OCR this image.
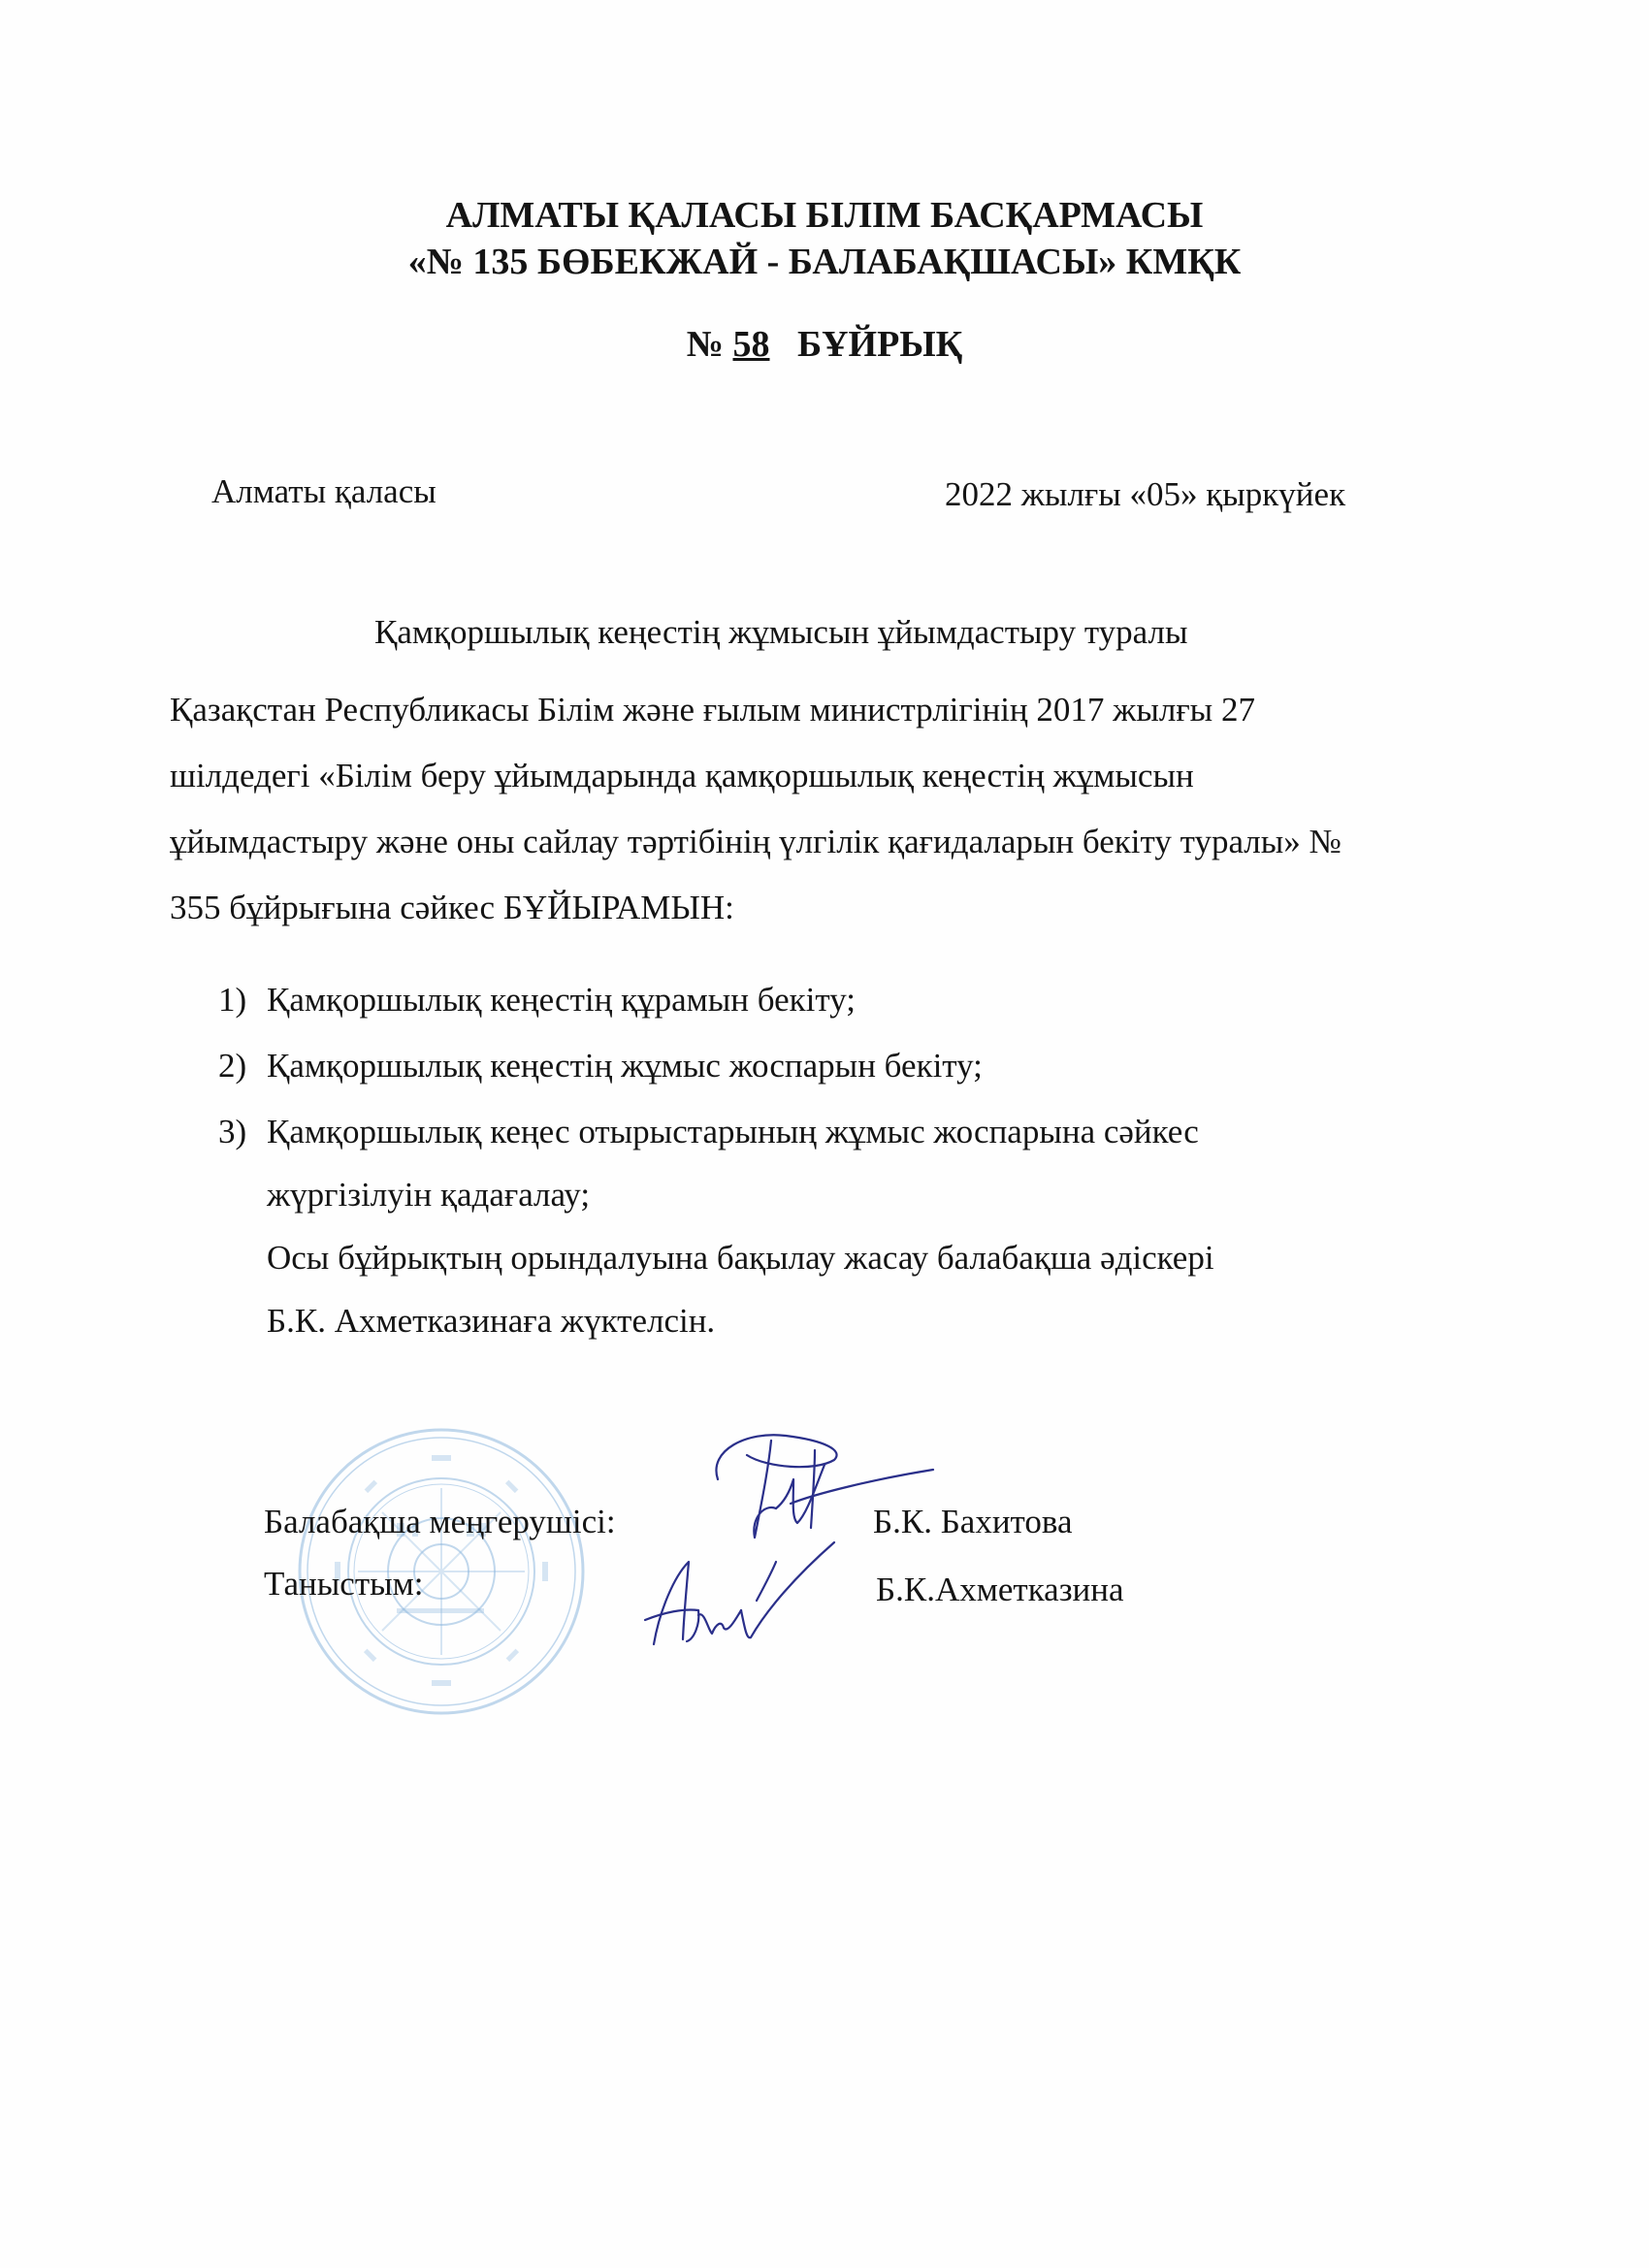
АЛМАТЫ ҚАЛАСЫ БІЛІМ БАСҚАРМАСЫ
«№ 135 БӨБЕКЖАЙ - БАЛАБАҚШАСЫ» КМҚК
№ 58 БҰЙРЫҚ
Алматы қаласы	2022 жылғы «05» қыркүйек
Қамқоршылық кеңестің жұмысын ұйымдастыру туралы
Қазақстан Республикасы Білім және ғылым министрлігінің 2017 жылғы 27
шілдедегі «Білім беру ұйымдарында қамқоршылық кеңестің жұмысын
ұйымдастыру және оны сайлау тәртібінің үлгілік қағидаларын бекіту туралы» №
355 бұйрығына сәйкес БҰЙЫРАМЫН:
1) Қамқоршылық кеңестің құрамын бекіту;
2) Қамқоршылық кеңестің жұмыс жоспарын бекіту;
3) Қамқоршылық кеңес отырыстарының жұмыс жоспарына сәйкес
жүргізілуін қадағалау;
Осы бұйрықтың орындалуына бақылау жасау балабақша әдіскері
Б.К. Ахметказинаға жүктелсін.
Балабақша меңгерушісі:	Б.К. Бахитова
Таныстым:	Б.К.Ахметказина
